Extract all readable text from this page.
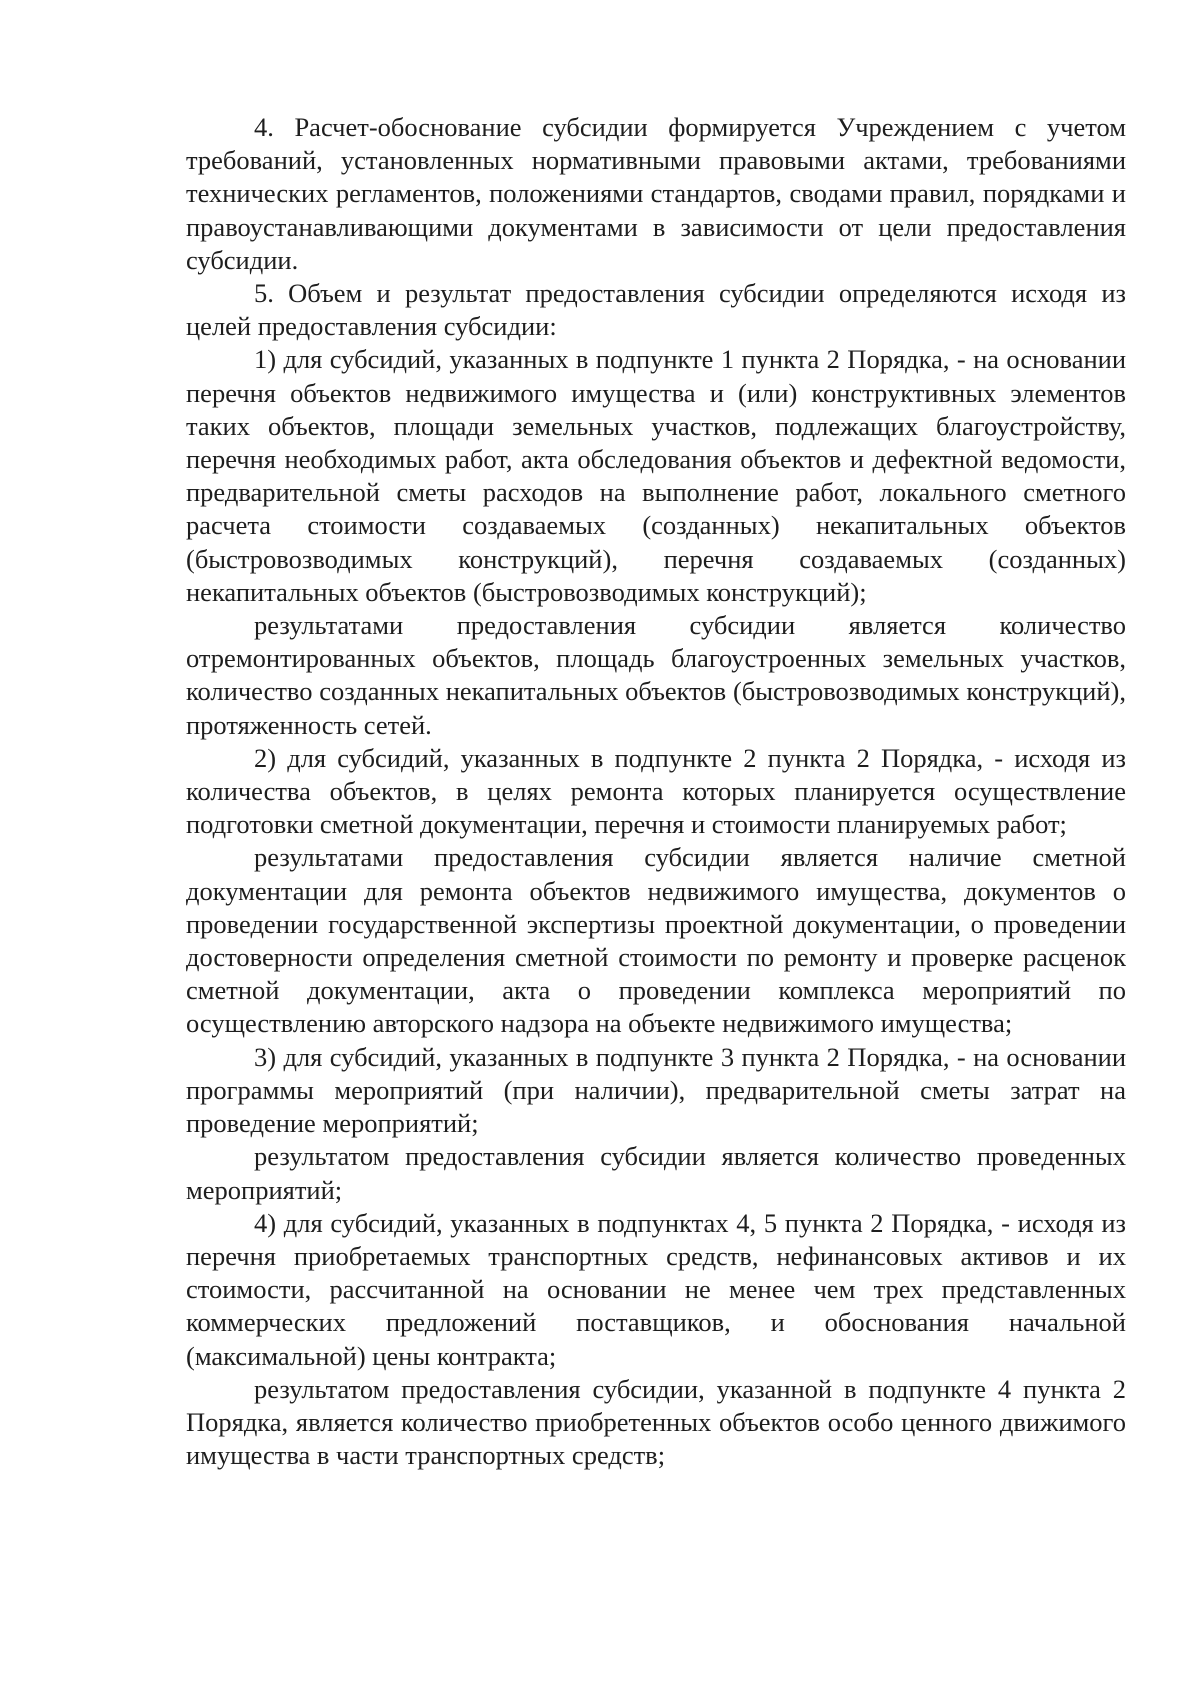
4. Расчет-обоснование субсидии формируется Учреждением с учетом требований, установленных нормативными правовыми актами, требованиями технических регламентов, положениями стандартов, сводами правил, порядками и правоустанавливающими документами в зависимости от цели предоставления субсидии.

5. Объем и результат предоставления субсидии определяются исходя из целей предоставления субсидии:

1) для субсидий, указанных в подпункте 1 пункта 2 Порядка, - на основании перечня объектов недвижимого имущества и (или) конструктивных элементов таких объектов, площади земельных участков, подлежащих благоустройству, перечня необходимых работ, акта обследования объектов и дефектной ведомости, предварительной сметы расходов на выполнение работ, локального сметного расчета стоимости создаваемых (созданных) некапитальных объектов (быстровозводимых конструкций), перечня создаваемых (созданных) некапитальных объектов (быстровозводимых конструкций);

результатами предоставления субсидии является количество отремонтированных объектов, площадь благоустроенных земельных участков, количество созданных некапитальных объектов (быстровозводимых конструкций), протяженность сетей.

2) для субсидий, указанных в подпункте 2 пункта 2 Порядка, - исходя из количества объектов, в целях ремонта которых планируется осуществление подготовки сметной документации, перечня и стоимости планируемых работ;

результатами предоставления субсидии является наличие сметной документации для ремонта объектов недвижимого имущества, документов о проведении государственной экспертизы проектной документации, о проведении достоверности определения сметной стоимости по ремонту и проверке расценок сметной документации, акта о проведении комплекса мероприятий по осуществлению авторского надзора на объекте недвижимого имущества;

3) для субсидий, указанных в подпункте 3 пункта 2 Порядка, - на основании программы мероприятий (при наличии), предварительной сметы затрат на проведение мероприятий;

результатом предоставления субсидии является количество проведенных мероприятий;

4) для субсидий, указанных в подпунктах 4, 5 пункта 2 Порядка, - исходя из перечня приобретаемых транспортных средств, нефинансовых активов и их стоимости, рассчитанной на основании не менее чем трех представленных коммерческих предложений поставщиков, и обоснования начальной (максимальной) цены контракта;

результатом предоставления субсидии, указанной в подпункте 4 пункта 2 Порядка, является количество приобретенных объектов особо ценного движимого имущества в части транспортных средств;
